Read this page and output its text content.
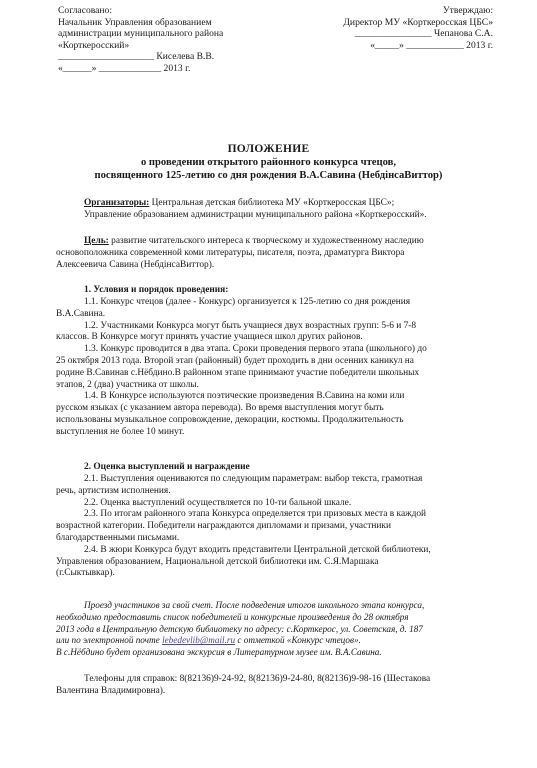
Согласовано:
Начальник Управления образованием
администрации муниципального района
«Корткеросский»
____________________ Киселева В.В.
«______» _____________ 2013 г.
Утверждаю:
Директор МУ «Корткеросская ЦБС»
________________ Чепанова С.А.
«_____» ____________ 2013 г.
ПОЛОЖЕНИЕ
о проведении открытого районного конкурса чтецов,
посвященного 125-летию со дня рождения В.А.Савина (НебдінсаВиттор)
Организаторы: Центральная детская библиотека МУ «Корткеросская ЦБС»;
Управление образованием администрации муниципального района «Корткеросский».
Цель: развитие читательского интереса к творческому и художественному наследию
основоположника современной коми литературы, писателя, поэта, драматурга Виктора
Алексеевича Савина (НебдінсаВиттор).
1. Условия и порядок проведения:
1.1. Конкурс чтецов (далее - Конкурс) организуется к 125-летию со дня рождения
В.А.Савина.
1.2. Участниками Конкурса могут быть учащиеся двух возрастных групп: 5-6 и 7-8
классов. В Конкурсе могут принять участие учащиеся школ других районов.
1.3. Конкурс проводится в два этапа. Сроки проведения первого этапа (школьного) до
25 октября 2013 года. Второй этап (районный) будет проходить в дни осенних каникул на
родине В.Савинав с.Нёбдино.В районном этапе принимают участие победители школьных
этапов, 2 (два) участника от школы.
1.4. В Конкурсе используются поэтические произведения В.Савина на коми или
русском языках (с указанием автора перевода). Во время выступления могут быть
использованы музыкальное сопровождение, декорации, костюмы. Продолжительность
выступления не более 10 минут.
2. Оценка выступлений и награждение
2.1. Выступления оцениваются по следующим параметрам: выбор текста, грамотная
речь, артистизм исполнения.
2.2. Оценка выступлений осуществляется по 10-ти бальной шкале.
2.3. По итогам районного этапа Конкурса определяется три призовых места в каждой
возрастной категории. Победители награждаются дипломами и призами, участники
благодарственными письмами.
2.4. В жюри Конкурса будут входить представители Центральной детской библиотеки,
Управления образованием, Национальной детской библиотеки им. С.Я.Маршака
(г.Сыктывкар).
Проезд участников за свой счет. После подведения итогов школьного этапа конкурса,
необходимо предоставить список победителей и конкурсные произведения до 28 октября
2013 года в Центральную детскую библиотеку по адресу: с.Корткерос, ул. Советская, д. 187
или по электронной почте lebedevlib@mail.ru с отметкой «Конкурс чтецов».
В с.Нёбдино будет организована экскурсия в Литературном музее им. В.А.Савина.
Телефоны для справок: 8(82136)9-24-92, 8(82136)9-24-80, 8(82136)9-98-16 (Шестакова
Валентина Владимировна).
